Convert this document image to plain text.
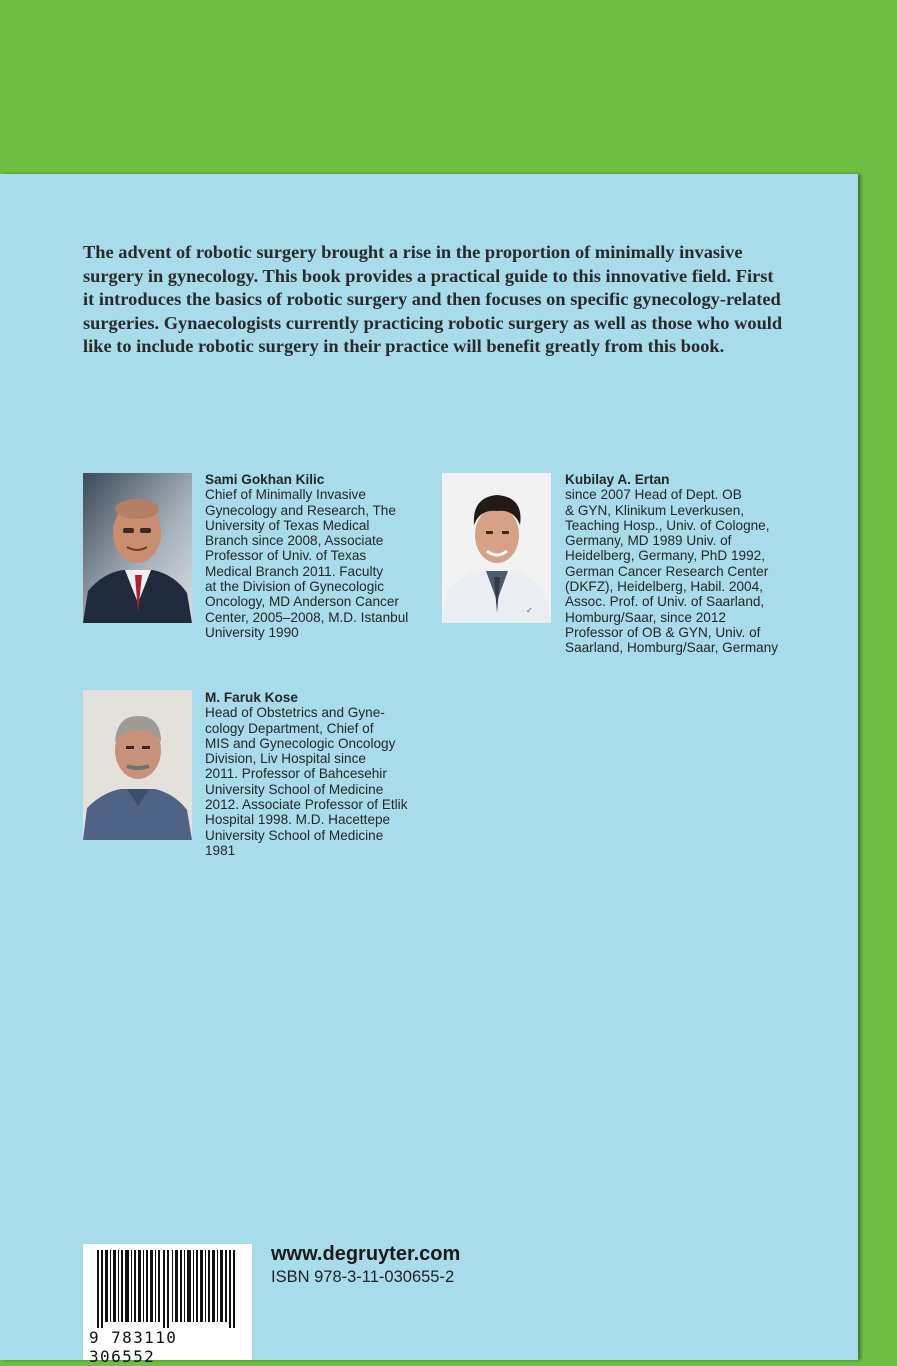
The advent of robotic surgery brought a rise in the proportion of minimally invasive surgery in gynecology. This book provides a practical guide to this innovative field. First it introduces the basics of robotic surgery and then focuses on specific gynecology-related surgeries. Gynaecologists currently practicing robotic surgery as well as those who would like to include robotic surgery in their practice will benefit greatly from this book.

Sami Gokhan Kilic
Chief of Minimally Invasive
Gynecology and Research, The
University of Texas Medical
Branch since 2008, Associate
Professor of Univ. of Texas
Medical Branch 2011. Faculty
at the Division of Gynecologic
Oncology, MD Anderson Cancer
Center, 2005–2008, M.D. Istanbul
University 1990
✓
Kubilay A. Ertan
since 2007 Head of Dept. OB
& GYN, Klinikum Leverkusen,
Teaching Hosp., Univ. of Cologne,
Germany, MD 1989 Univ. of
Heidelberg, Germany, PhD 1992,
German Cancer Research Center
(DKFZ), Heidelberg, Habil. 2004,
Assoc. Prof. of Univ. of Saarland,
Homburg/Saar, since 2012
Professor of OB & GYN, Univ. of
Saarland, Homburg/Saar, Germany
M. Faruk Kose
Head of Obstetrics and Gyne-
cology Department, Chief of
MIS and Gynecologic Oncology
Division, Liv Hospital since
2011. Professor of Bahcesehir
University School of Medicine
2012. Associate Professor of Etlik
Hospital 1998. M.D. Hacettepe
University School of Medicine
1981
9 783110 306552
www.degruyter.com
ISBN 978-3-11-030655-2
